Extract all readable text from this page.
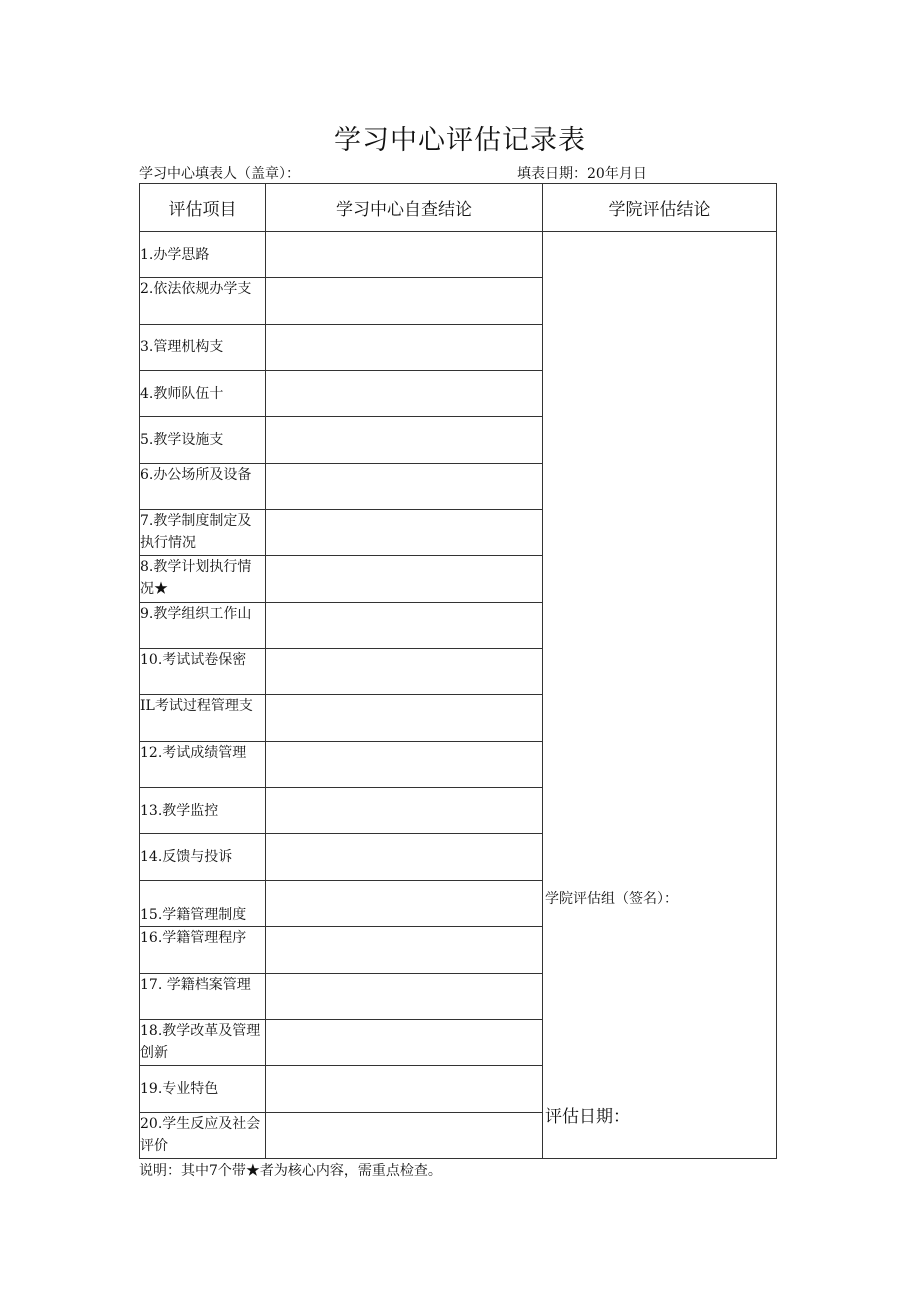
学习中心评估记录表
学习中心填表人（盖章）：	填表日期：20年月日
评估项目	学习中心自查结论	学院评估结论

1.办学思路		学院评估组（签名）：
评估日期：

2.依法依规办学支		

3.管理机构支		

4.教师队伍十		

5.教学设施支		

6.办公场所及设备		

7.教学制度制定及执行情况		

8.教学计划执行情况★		

9.教学组织工作山		

10.考试试卷保密		

IL考试过程管理支		

12.考试成绩管理		

13.教学监控		

14.反馈与投诉		

15.学籍管理制度		

16.学籍管理程序		

17. 学籍档案管理		

18.教学改革及管理创新		

19.专业特色		

20.学生反应及社会评价		

说明：其中7个带★者为核心内容，需重点检查。
